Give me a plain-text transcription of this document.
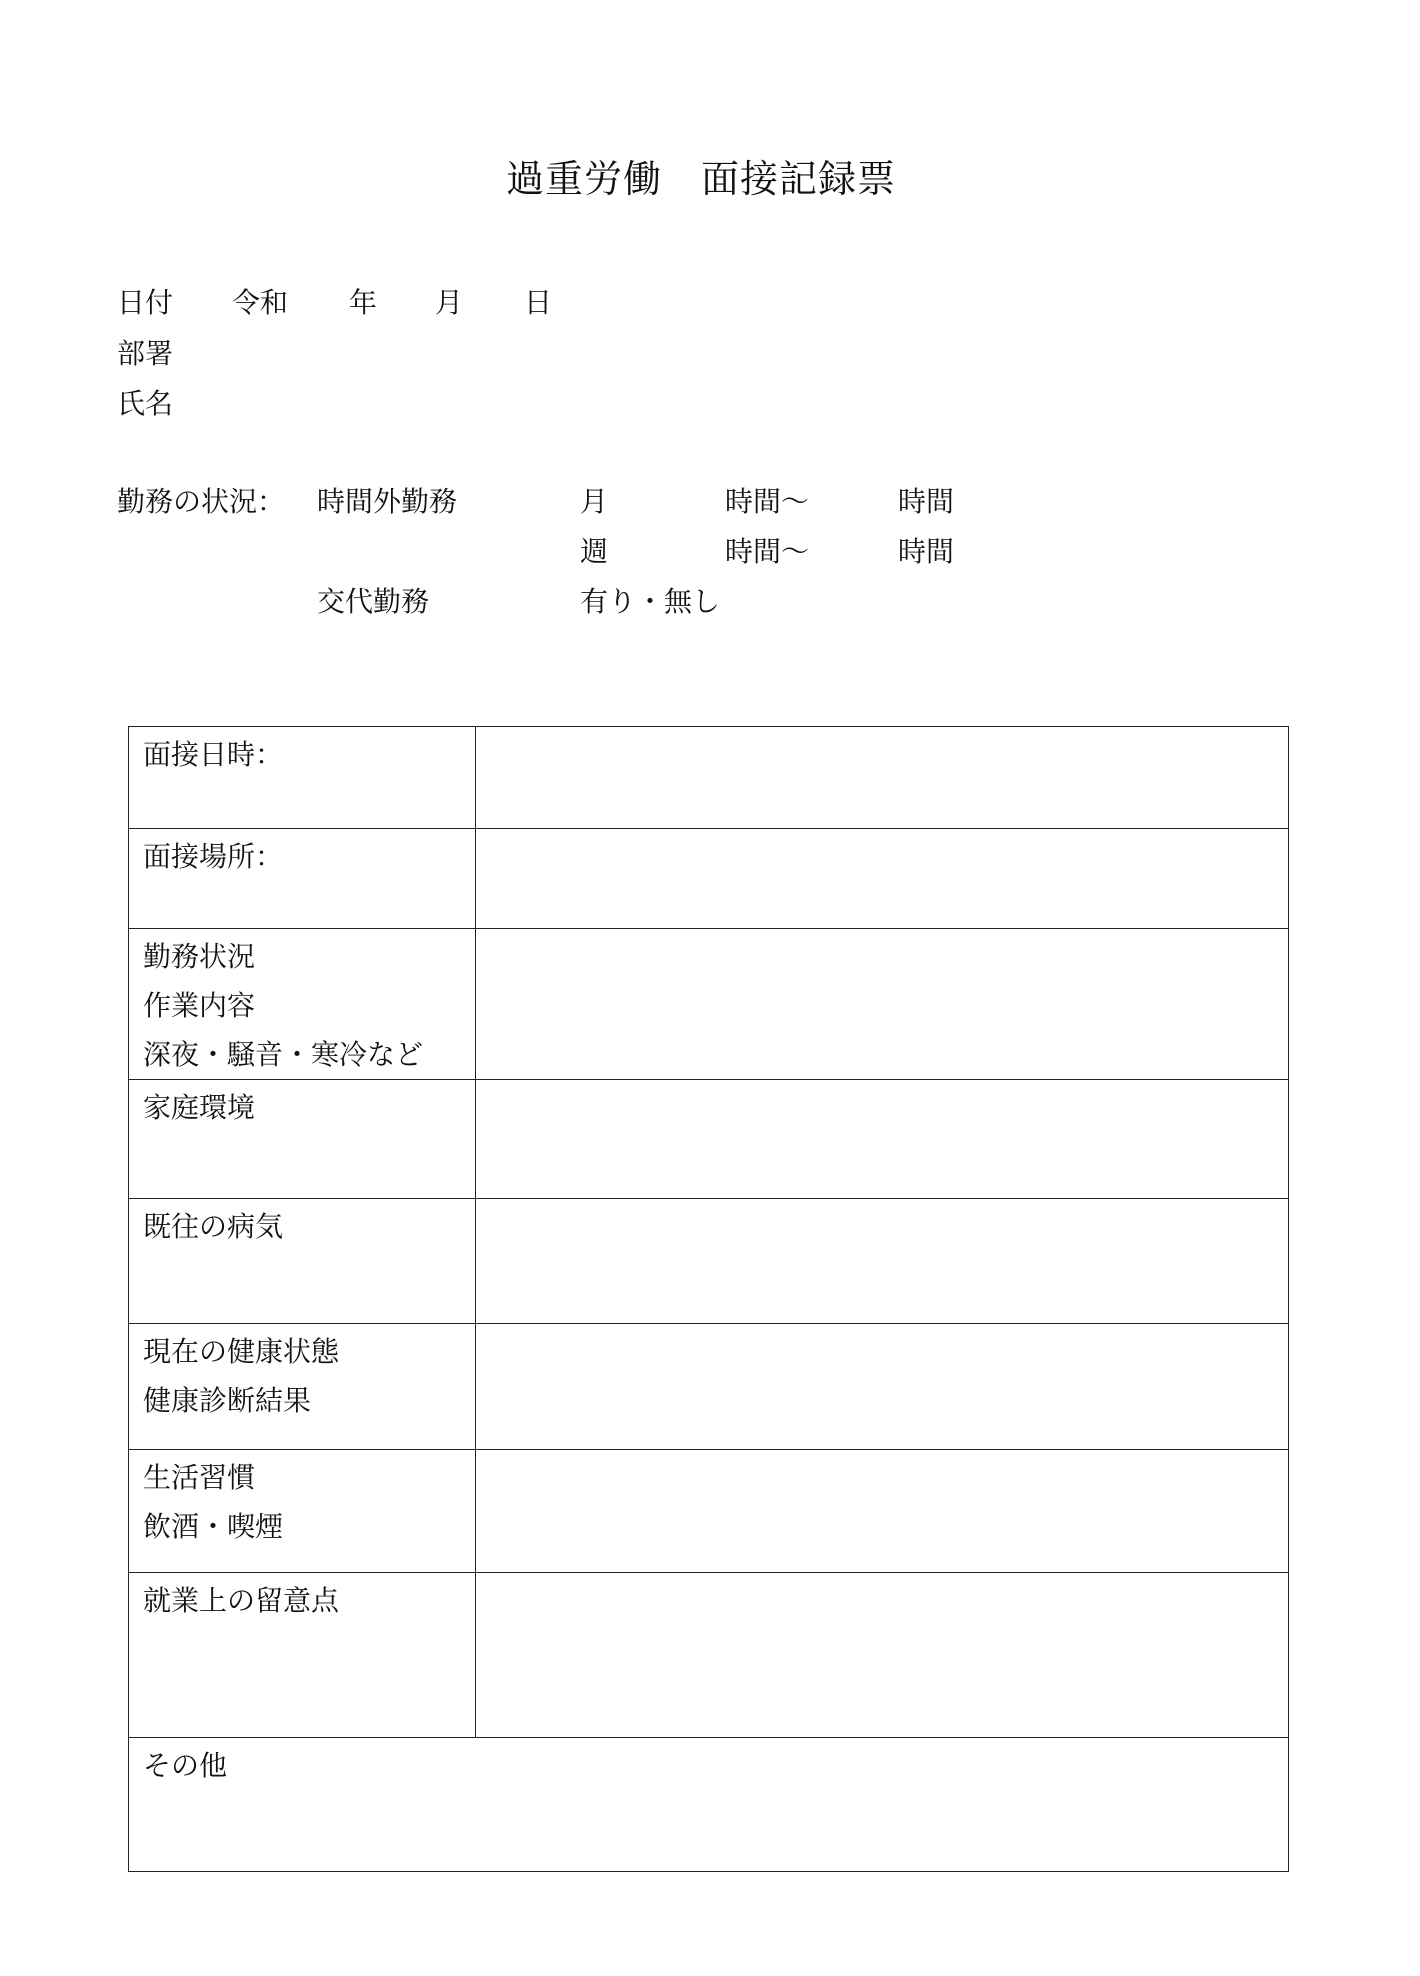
過重労働　面接記録票
日付 令和 年 月 日
部署
氏名
勤務の状況： 時間外勤務	月	時間〜	時間
週	時間〜	時間
交代勤務	有り・無し
面接日時：	

面接場所：	

勤務状況
作業内容
深夜・騒音・寒冷など	

家庭環境	

既往の病気	

現在の健康状態
健康診断結果	

生活習慣
飲酒・喫煙	

就業上の留意点	

その他	
